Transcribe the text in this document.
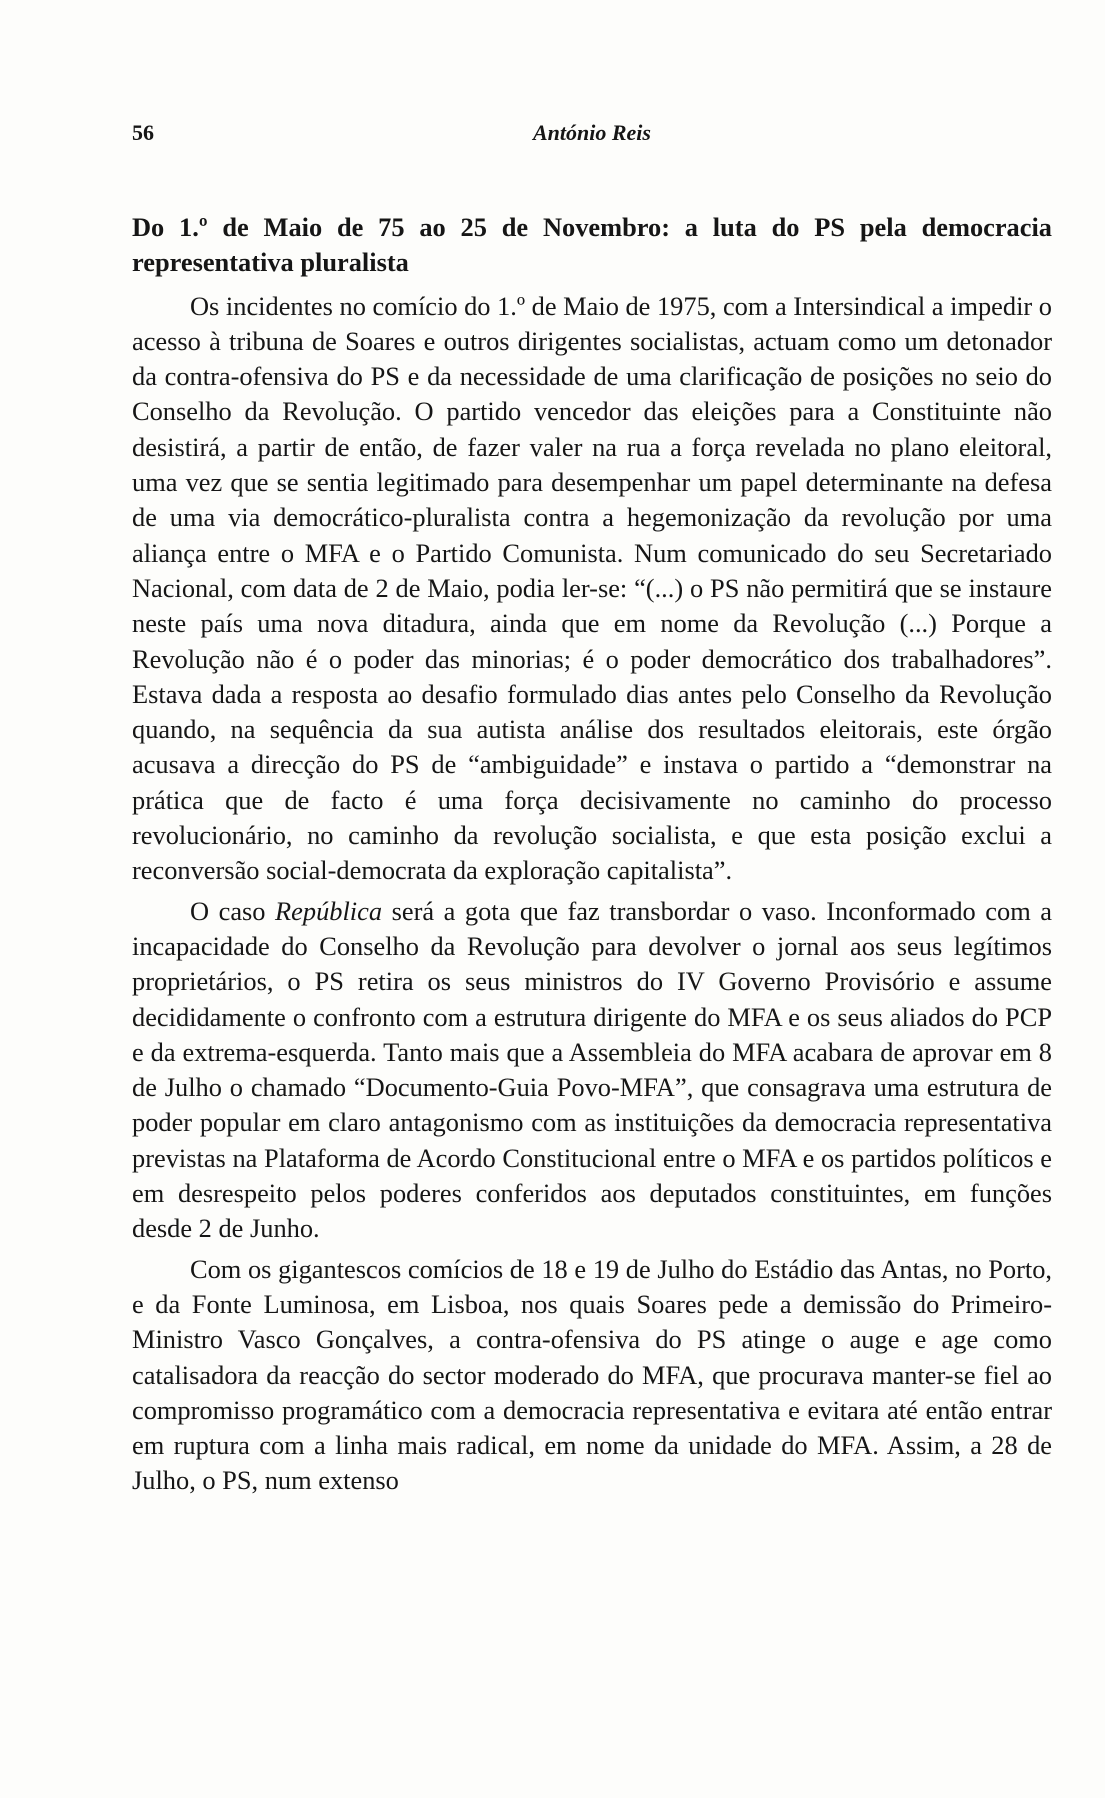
56	António Reis
Do 1.º de Maio de 75 ao 25 de Novembro: a luta do PS pela democracia representativa pluralista

Os incidentes no comício do 1.º de Maio de 1975, com a Intersindical a impedir o acesso à tribuna de Soares e outros dirigentes socialistas, actuam como um detonador da contra-ofensiva do PS e da necessidade de uma clarificação de posições no seio do Conselho da Revolução. O partido vencedor das eleições para a Constituinte não desistirá, a partir de então, de fazer valer na rua a força revelada no plano eleitoral, uma vez que se sentia legitimado para desempenhar um papel determinante na defesa de uma via democrático-pluralista contra a hegemonização da revolução por uma aliança entre o MFA e o Partido Comunista. Num comunicado do seu Secretariado Nacional, com data de 2 de Maio, podia ler-se: “(...) o PS não permitirá que se instaure neste país uma nova ditadura, ainda que em nome da Revolução (...) Porque a Revolução não é o poder das minorias; é o poder democrático dos trabalhadores”. Estava dada a resposta ao desafio formulado dias antes pelo Conselho da Revolução quando, na sequência da sua autista análise dos resultados eleitorais, este órgão acusava a direcção do PS de “ambiguidade” e instava o partido a “demonstrar na prática que de facto é uma força decisivamente no caminho do processo revolucionário, no caminho da revolução socialista, e que esta posição exclui a reconversão social-democrata da exploração capitalista”.

O caso República será a gota que faz transbordar o vaso. Inconformado com a incapacidade do Conselho da Revolução para devolver o jornal aos seus legítimos proprietários, o PS retira os seus ministros do IV Governo Provisório e assume decididamente o confronto com a estrutura dirigente do MFA e os seus aliados do PCP e da extrema-esquerda. Tanto mais que a Assembleia do MFA acabara de aprovar em 8 de Julho o chamado “Documento-Guia Povo-MFA”, que consagrava uma estrutura de poder popular em claro antagonismo com as instituições da democracia representativa previstas na Plataforma de Acordo Constitucional entre o MFA e os partidos políticos e em desrespeito pelos poderes conferidos aos deputados constituintes, em funções desde 2 de Junho.

Com os gigantescos comícios de 18 e 19 de Julho do Estádio das Antas, no Porto, e da Fonte Luminosa, em Lisboa, nos quais Soares pede a demissão do Primeiro-Ministro Vasco Gonçalves, a contra-ofensiva do PS atinge o auge e age como catalisadora da reacção do sector moderado do MFA, que procurava manter-se fiel ao compromisso programático com a democracia representativa e evitara até então entrar em ruptura com a linha mais radical, em nome da unidade do MFA. Assim, a 28 de Julho, o PS, num extenso
